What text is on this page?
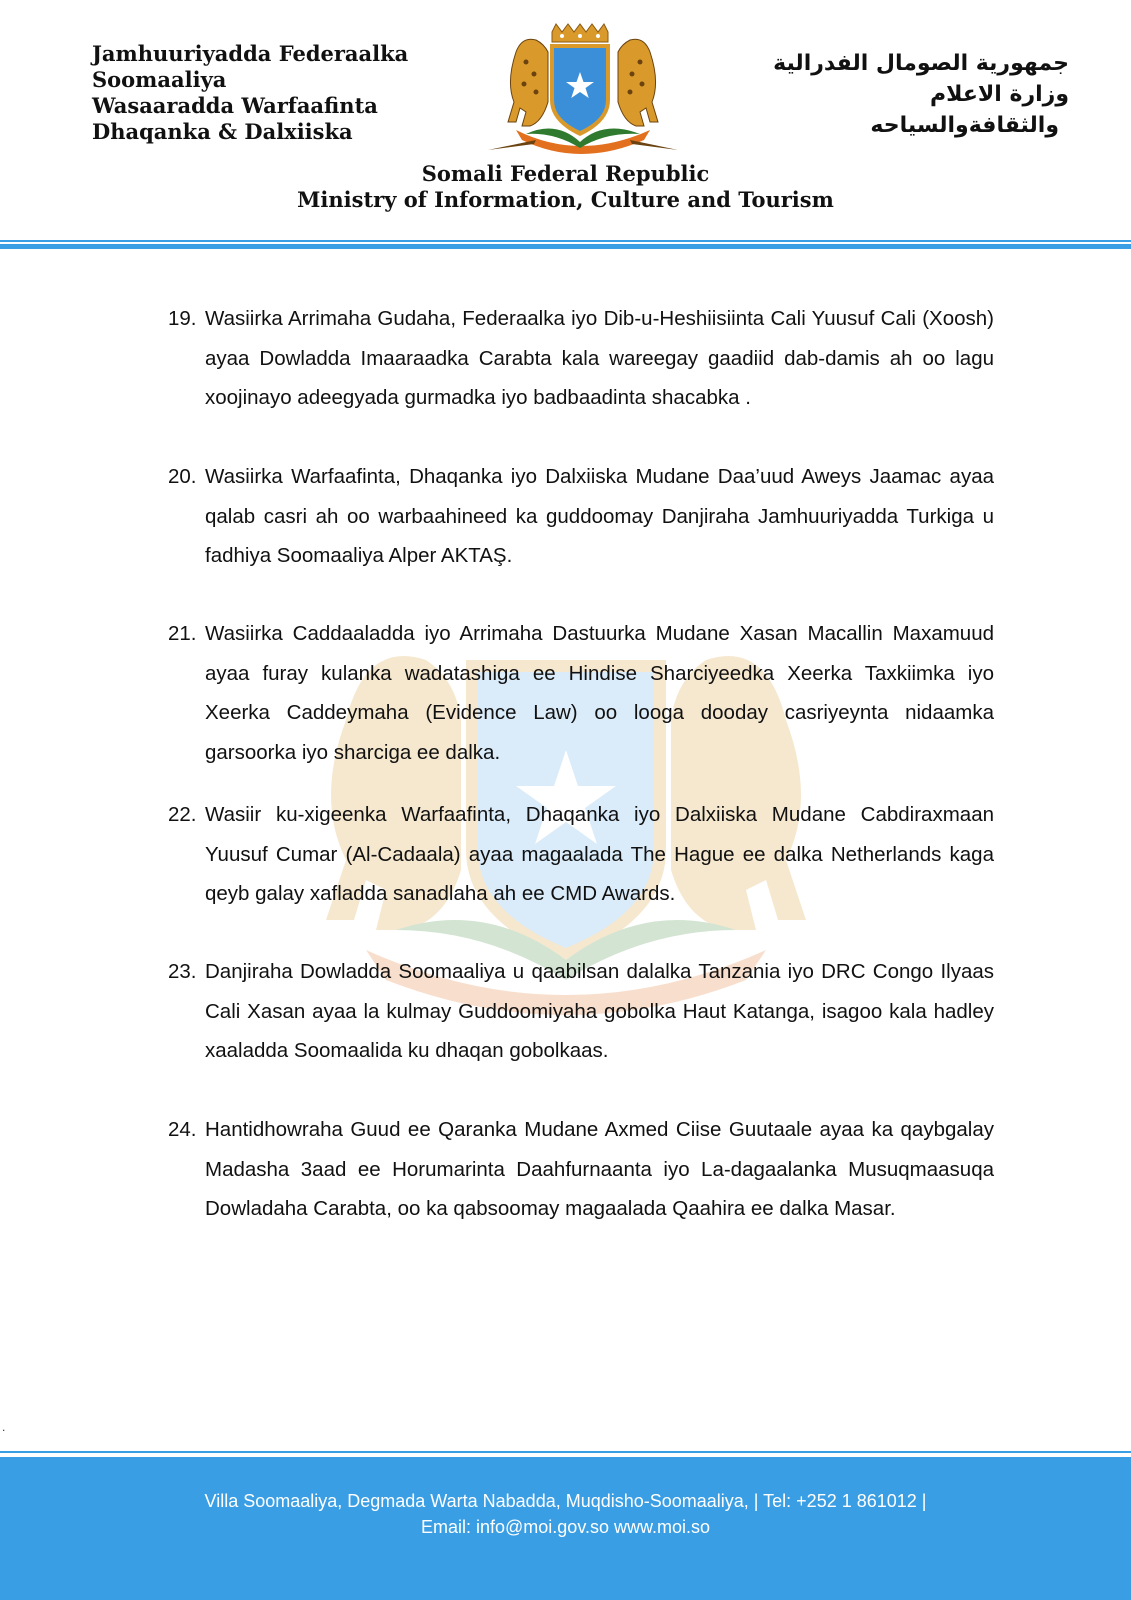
Jamhuuriyadda Federaalka
Soomaaliya
Wasaaradda Warfaafinta
Dhaqanka & Dalxiiska
جمهورية الصومال الفدرالية
وزارة الاعلام
والثقافةوالسياحه
Somali Federal Republic
Ministry of Information, Culture and Tourism
19. Wasiirka Arrimaha Gudaha, Federaalka iyo Dib-u-Heshiisiinta Cali Yuusuf Cali (Xoosh) ayaa Dowladda Imaaraadka Carabta kala wareegay gaadiid dab-damis ah oo lagu xoojinayo adeegyada gurmadka iyo badbaadinta shacabka .
20. Wasiirka Warfaafinta, Dhaqanka iyo Dalxiiska Mudane Daa’uud Aweys Jaamac ayaa qalab casri ah oo warbaahineed ka guddoomay Danjiraha Jamhuuriyadda Turkiga u fadhiya Soomaaliya Alper AKTAŞ.
21. Wasiirka Caddaaladda iyo Arrimaha Dastuurka Mudane Xasan Macallin Maxamuud ayaa furay kulanka wadatashiga ee Hindise Sharciyeedka Xeerka Taxkiimka iyo Xeerka Caddeymaha (Evidence Law) oo looga dooday casriyeynta nidaamka garsoorka iyo sharciga ee dalka.
22. Wasiir ku-xigeenka Warfaafinta, Dhaqanka iyo Dalxiiska Mudane Cabdiraxmaan Yuusuf Cumar (Al-Cadaala) ayaa magaalada The Hague ee dalka Netherlands kaga qeyb galay xafladda sanadlaha ah ee CMD Awards.
23. Danjiraha Dowladda Soomaaliya u qaabilsan dalalka Tanzania iyo DRC Congo Ilyaas Cali Xasan ayaa la kulmay Guddoomiyaha gobolka Haut Katanga, isagoo kala hadley xaaladda Soomaalida ku dhaqan gobolkaas.
24. Hantidhowraha Guud ee Qaranka Mudane Axmed Ciise Guutaale ayaa ka qaybgalay Madasha 3aad ee Horumarinta Daahfurnaanta iyo La-dagaalanka Musuqmaasuqa Dowladaha Carabta, oo ka qabsoomay magaalada Qaahira ee dalka Masar.
.
Villa Soomaaliya, Degmada Warta Nabadda, Muqdisho-Soomaaliya, | Tel: +252 1 861012 |
Email: info@moi.gov.so www.moi.so
